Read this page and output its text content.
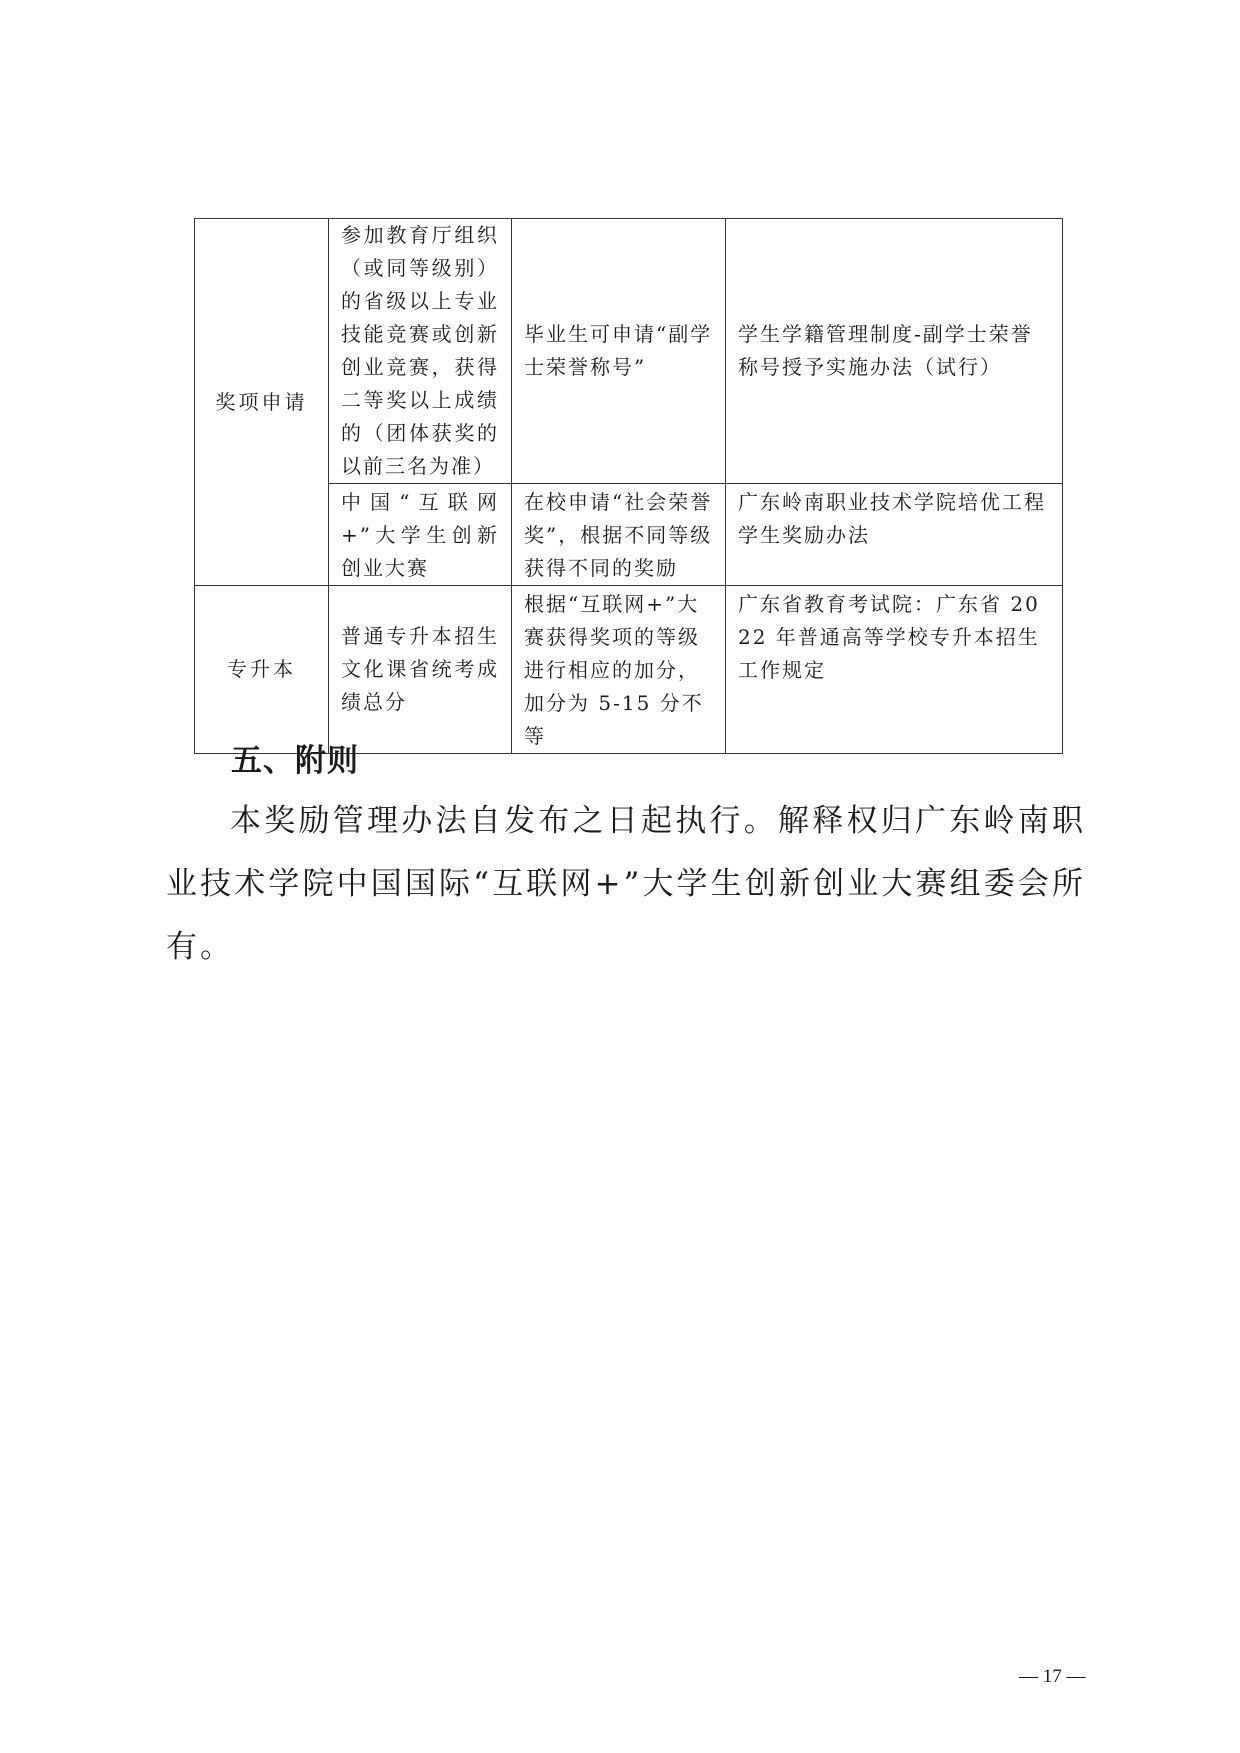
奖项申请	参加教育厅组织（或同等级别）的省级以上专业技能竞赛或创新创业竞赛，获得二等奖以上成绩的（团体获奖的以前三名为准）	毕业生可申请“副学士荣誉称号”	学生学籍管理制度-副学士荣誉称号授予实施办法（试行）
	中国“互联网+”大学生创新创业大赛	在校申请“社会荣誉奖”，根据不同等级获得不同的奖励	广东岭南职业技术学院培优工程学生奖励办法
专升本	普通专升本招生文化课省统考成绩总分	根据“互联网+”大赛获得奖项的等级进行相应的加分，加分为 5-15 分不等	广东省教育考试院：广东省 2022 年普通高等学校专升本招生工作规定
五、附则

本奖励管理办法自发布之日起执行。解释权归广东岭南职业技术学院中国国际“互联网+”大学生创新创业大赛组委会所有。

— 17 —
